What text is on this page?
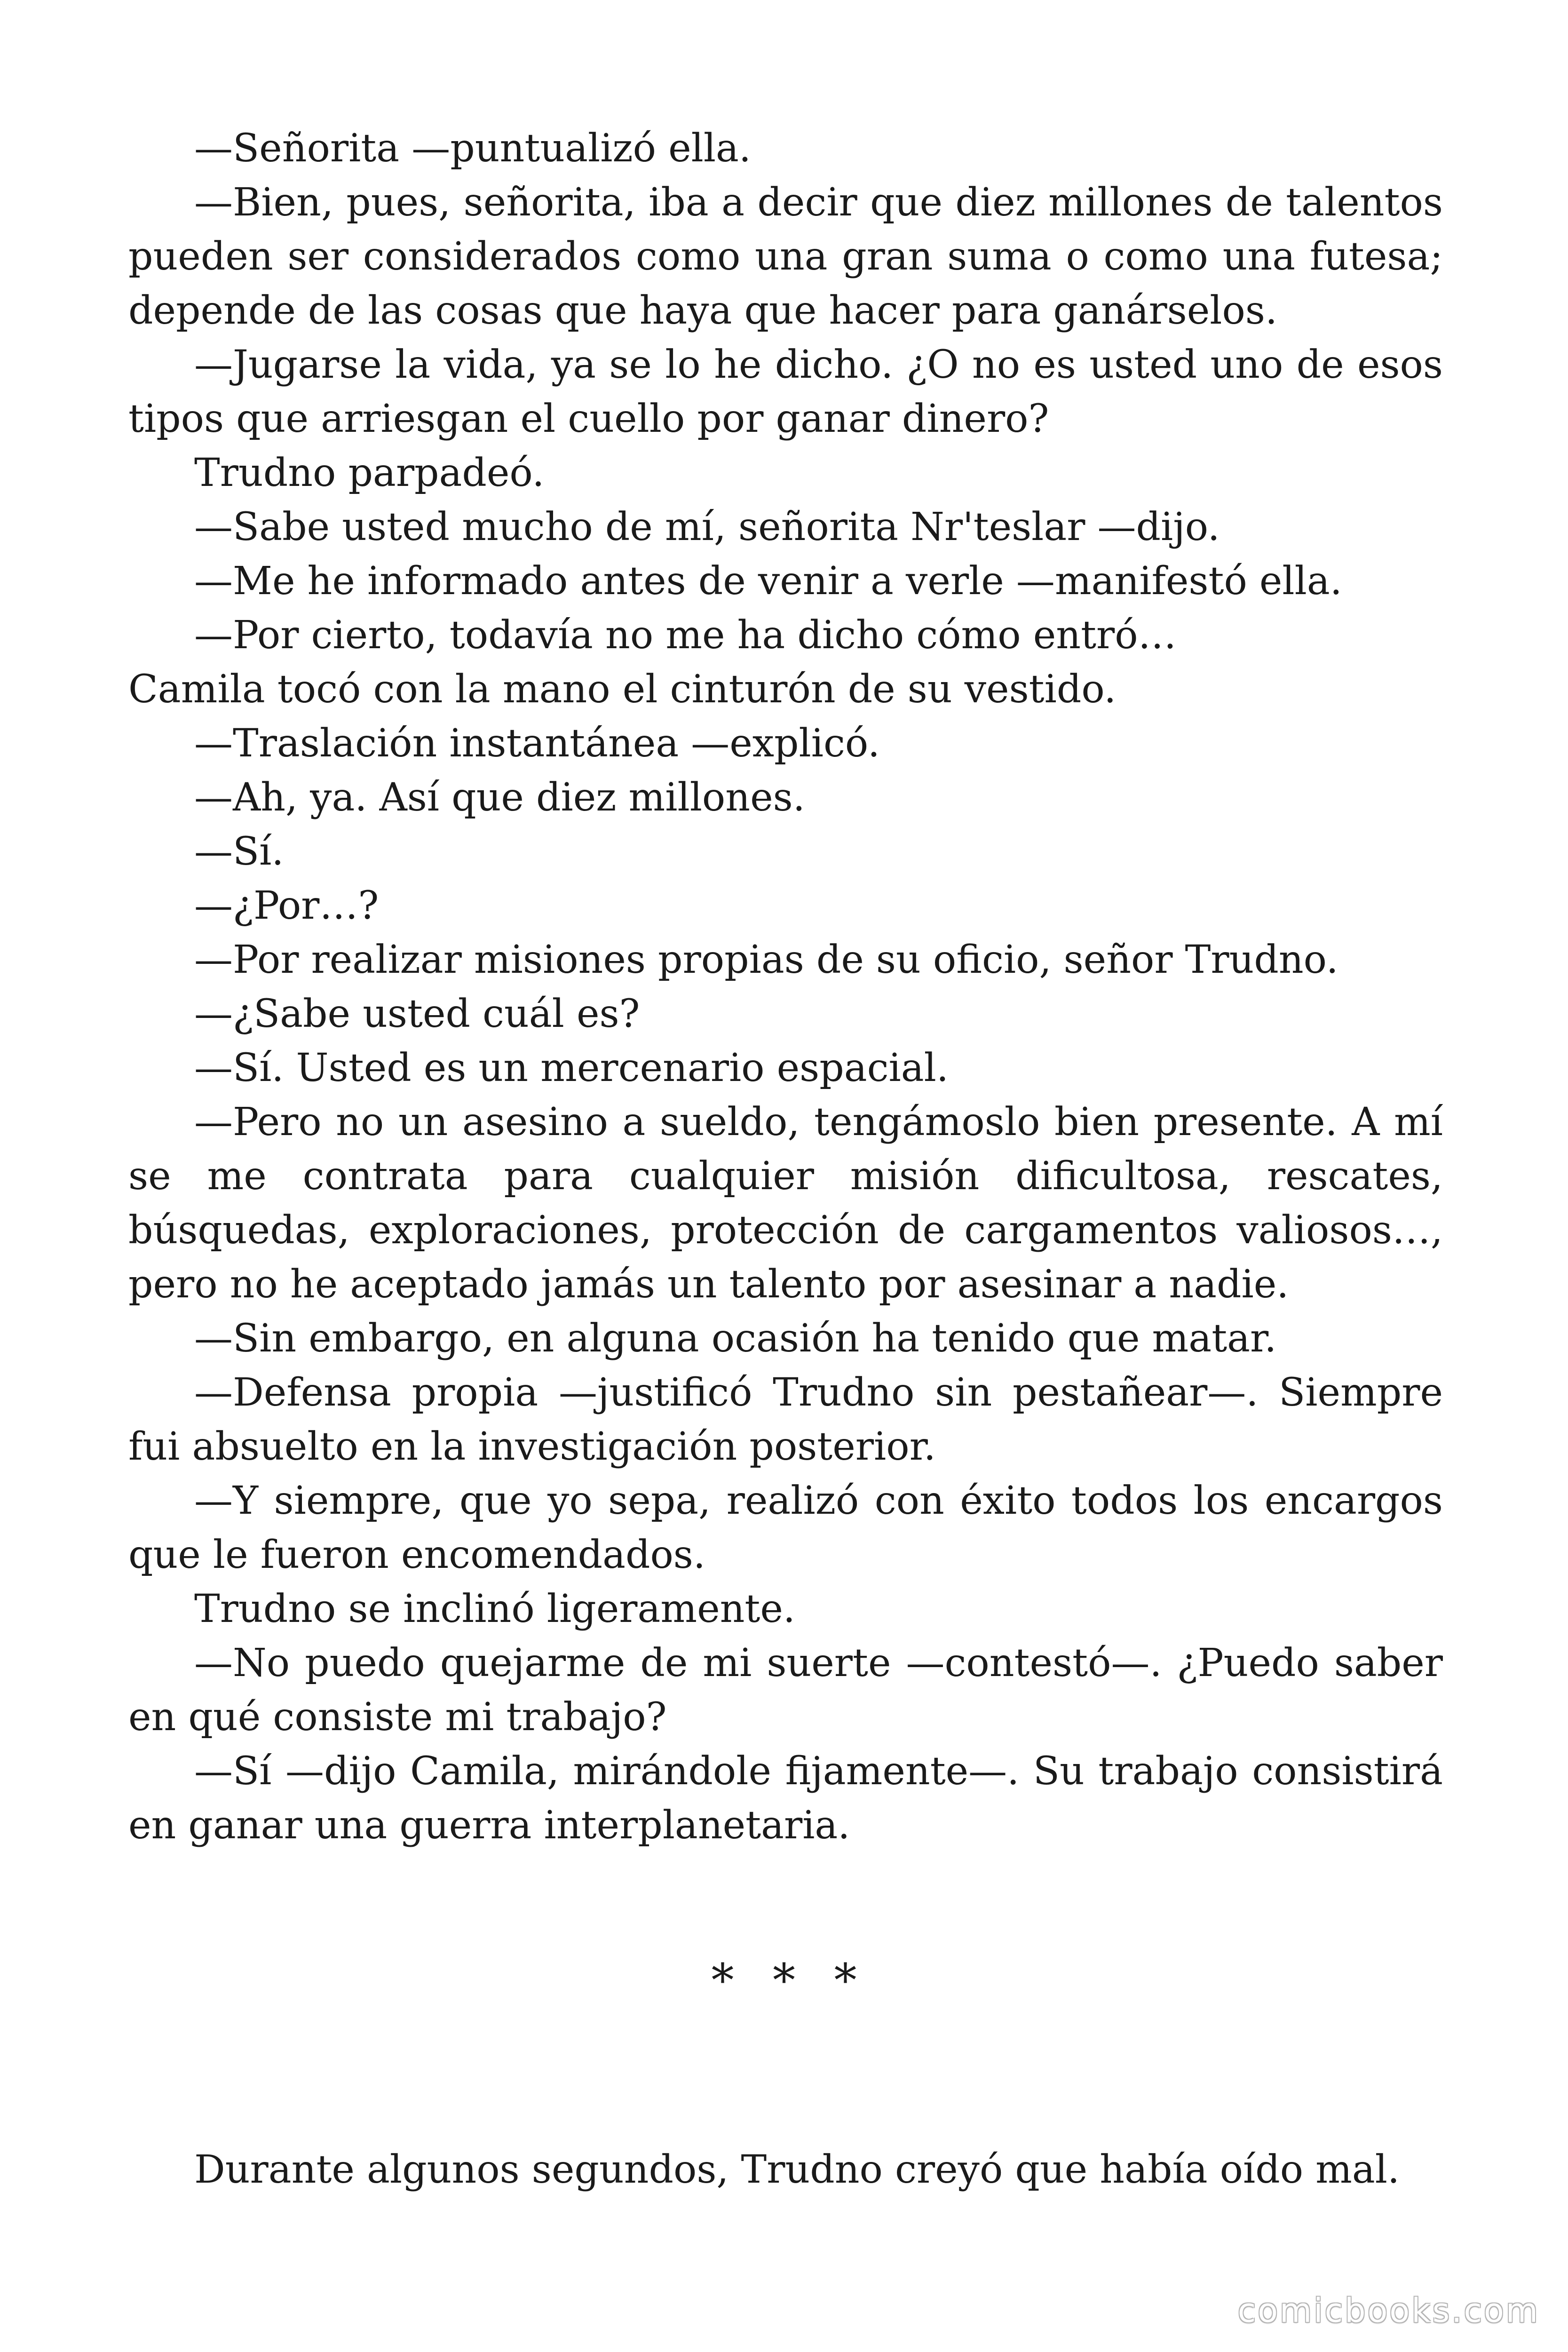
—Señorita —puntualizó ella.

—Bien, pues, señorita, iba a decir que diez millones de talentos pueden ser considerados como una gran suma o como una futesa; depende de las cosas que haya que hacer para ganárselos.

—Jugarse la vida, ya se lo he dicho. ¿O no es usted uno de esos tipos que arriesgan el cuello por ganar dinero?

Trudno parpadeó.

—Sabe usted mucho de mí, señorita Nr'teslar —dijo.

—Me he informado antes de venir a verle —manifestó ella.

—Por cierto, todavía no me ha dicho cómo entró…

Camila tocó con la mano el cinturón de su vestido.

—Traslación instantánea —explicó.

—Ah, ya. Así que diez millones.

—Sí.

—¿Por…?

—Por realizar misiones propias de su oficio, señor Trudno.

—¿Sabe usted cuál es?

—Sí. Usted es un mercenario espacial.

—Pero no un asesino a sueldo, tengámoslo bien presente. A mí se me contrata para cualquier misión dificultosa, rescates, búsquedas, exploraciones, protección de cargamentos valiosos…, pero no he aceptado jamás un talento por asesinar a nadie.

—Sin embargo, en alguna ocasión ha tenido que matar.

—Defensa propia —justificó Trudno sin pestañear—. Siempre fui absuelto en la investigación posterior.

—Y siempre, que yo sepa, realizó con éxito todos los encargos que le fueron encomendados.

Trudno se inclinó ligeramente.

—No puedo quejarme de mi suerte —contestó—. ¿Puedo saber en qué consiste mi trabajo?

—Sí —dijo Camila, mirándole fijamente—. Su trabajo consistirá en ganar una guerra interplanetaria.

* * *

Durante algunos segundos, Trudno creyó que había oído mal.

comicbooks.com
